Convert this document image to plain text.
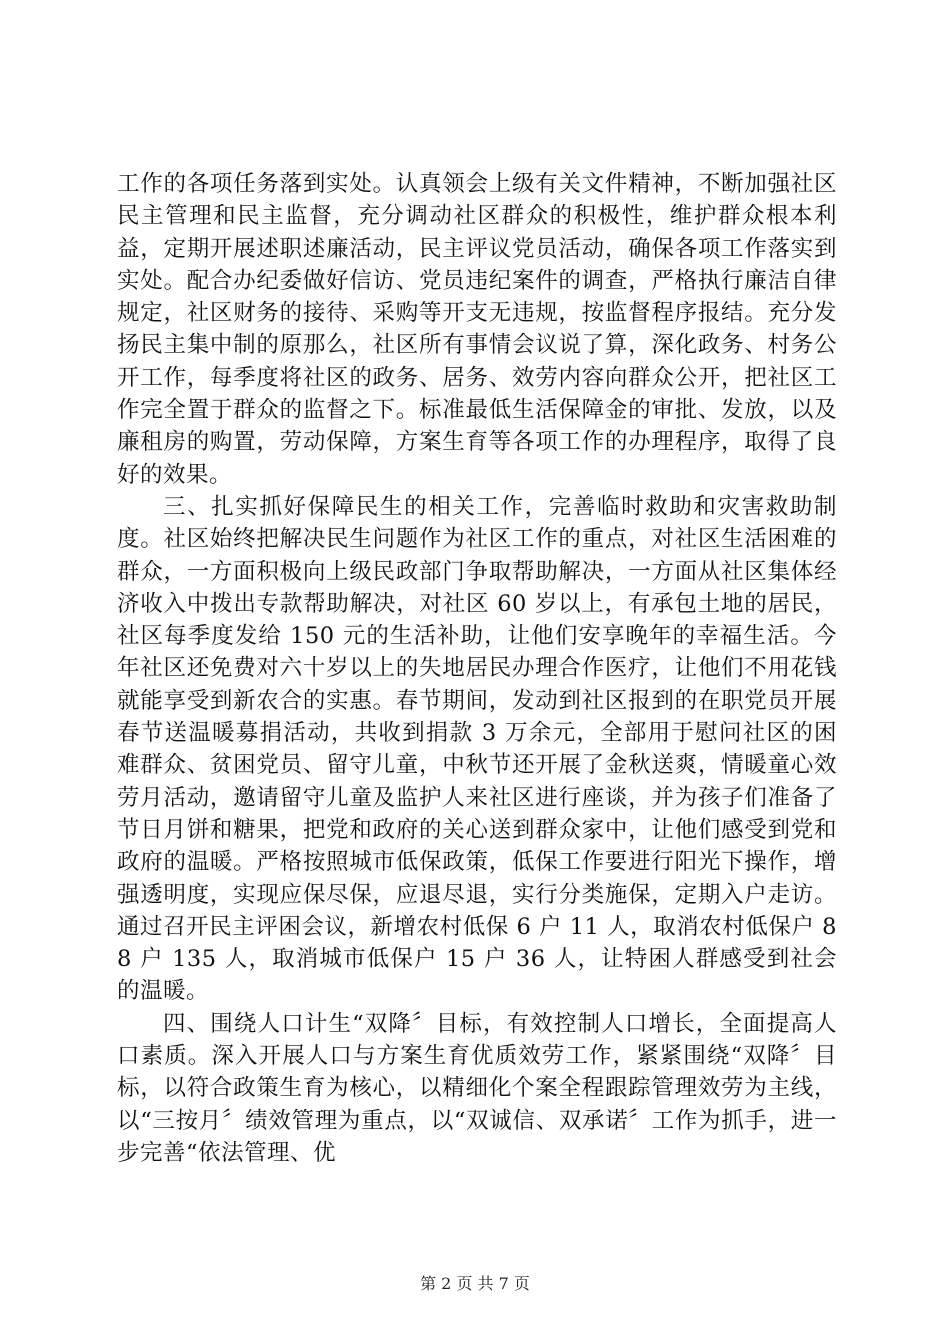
工作的各项任务落到实处。认真领会上级有关文件精神，不断加强社区民主管理和民主监督，充分调动社区群众的积极性，维护群众根本利益，定期开展述职述廉活动，民主评议党员活动，确保各项工作落实到实处。配合办纪委做好信访、党员违纪案件的调查，严格执行廉洁自律规定，社区财务的接待、采购等开支无违规，按监督程序报结。充分发扬民主集中制的原那么，社区所有事情会议说了算，深化政务、村务公开工作，每季度将社区的政务、居务、效劳内容向群众公开，把社区工作完全置于群众的监督之下。标准最低生活保障金的审批、发放，以及廉租房的购置，劳动保障，方案生育等各项工作的办理程序，取得了良好的效果。

三、扎实抓好保障民生的相关工作，完善临时救助和灾害救助制度。社区始终把解决民生问题作为社区工作的重点，对社区生活困难的群众，一方面积极向上级民政部门争取帮助解决，一方面从社区集体经济收入中拨出专款帮助解决，对社区 60 岁以上，有承包土地的居民，社区每季度发给 150 元的生活补助，让他们安享晚年的幸福生活。今年社区还免费对六十岁以上的失地居民办理合作医疗，让他们不用花钱就能享受到新农合的实惠。春节期间，发动到社区报到的在职党员开展春节送温暖募捐活动，共收到捐款 3 万余元，全部用于慰问社区的困难群众、贫困党员、留守儿童，中秋节还开展了金秋送爽，情暖童心效劳月活动，邀请留守儿童及监护人来社区进行座谈，并为孩子们准备了节日月饼和糖果，把党和政府的关心送到群众家中，让他们感受到党和政府的温暖。严格按照城市低保政策，低保工作要进行阳光下操作，增强透明度，实现应保尽保，应退尽退，实行分类施保，定期入户走访。通过召开民主评困会议，新增农村低保 6 户 11 人，取消农村低保户 88 户 135 人，取消城市低保户 15 户 36 人，让特困人群感受到社会的温暖。

四、围绕人口计生“双降〞目标，有效控制人口增长，全面提高人口素质。深入开展人口与方案生育优质效劳工作，紧紧围绕“双降〞目标，以符合政策生育为核心，以精细化个案全程跟踪管理效劳为主线，以“三按月〞绩效管理为重点，以“双诚信、双承诺〞工作为抓手，进一步完善“依法管理、优

第 2 页 共 7 页
